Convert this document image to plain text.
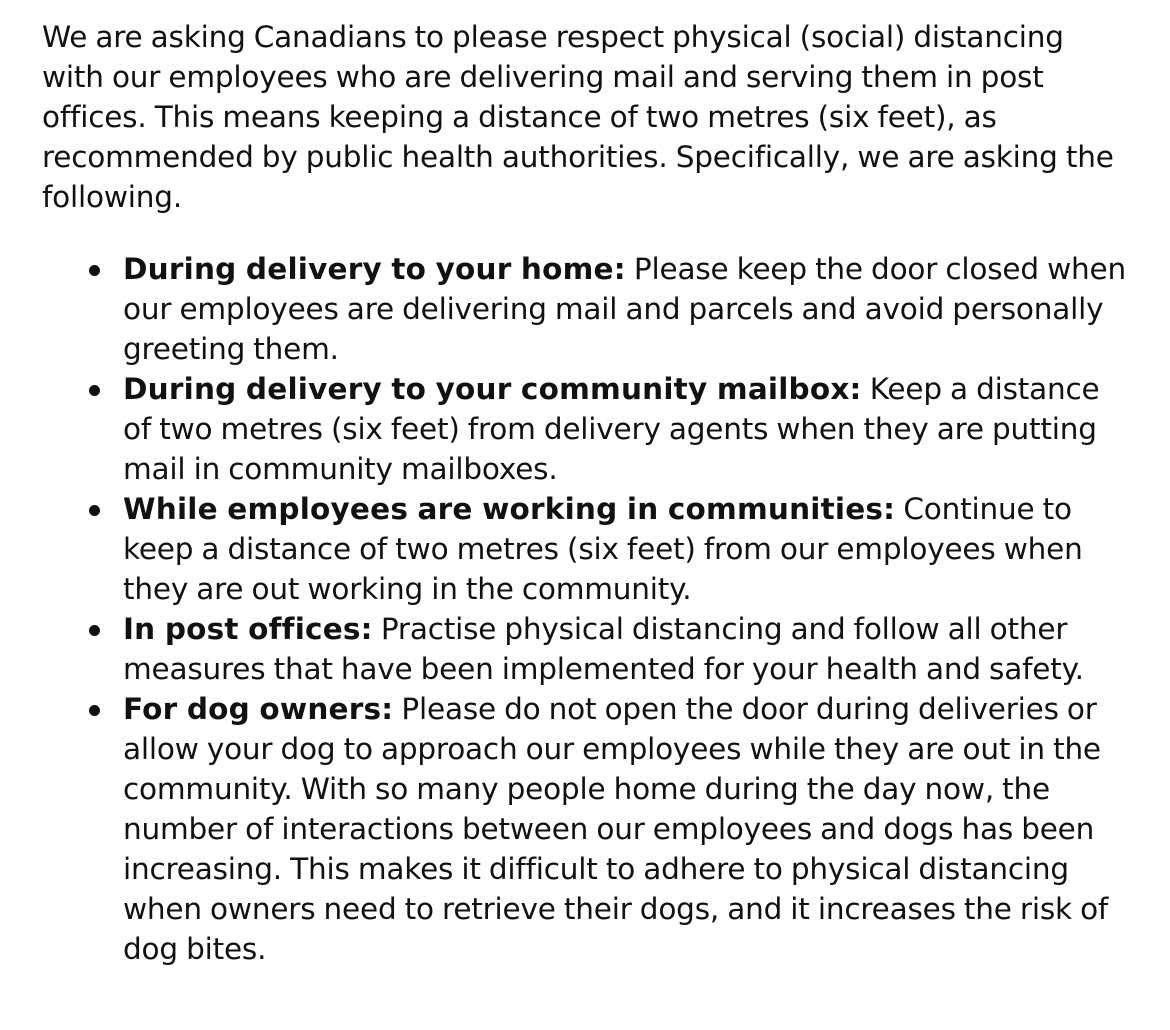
We are asking Canadians to please respect physical (social) distancing with our employees who are delivering mail and serving them in post offices. This means keeping a distance of two metres (six feet), as recommended by public health authorities. Specifically, we are asking the following.

During delivery to your home: Please keep the door closed when our employees are delivering mail and parcels and avoid personally greeting them.
During delivery to your community mailbox: Keep a distance of two metres (six feet) from delivery agents when they are putting mail in community mailboxes.
While employees are working in communities: Continue to keep a distance of two metres (six feet) from our employees when they are out working in the community.
In post offices: Practise physical distancing and follow all other measures that have been implemented for your health and safety.
For dog owners: Please do not open the door during deliveries or allow your dog to approach our employees while they are out in the community. With so many people home during the day now, the number of interactions between our employees and dogs has been increasing. This makes it difficult to adhere to physical distancing when owners need to retrieve their dogs, and it increases the risk of dog bites.
